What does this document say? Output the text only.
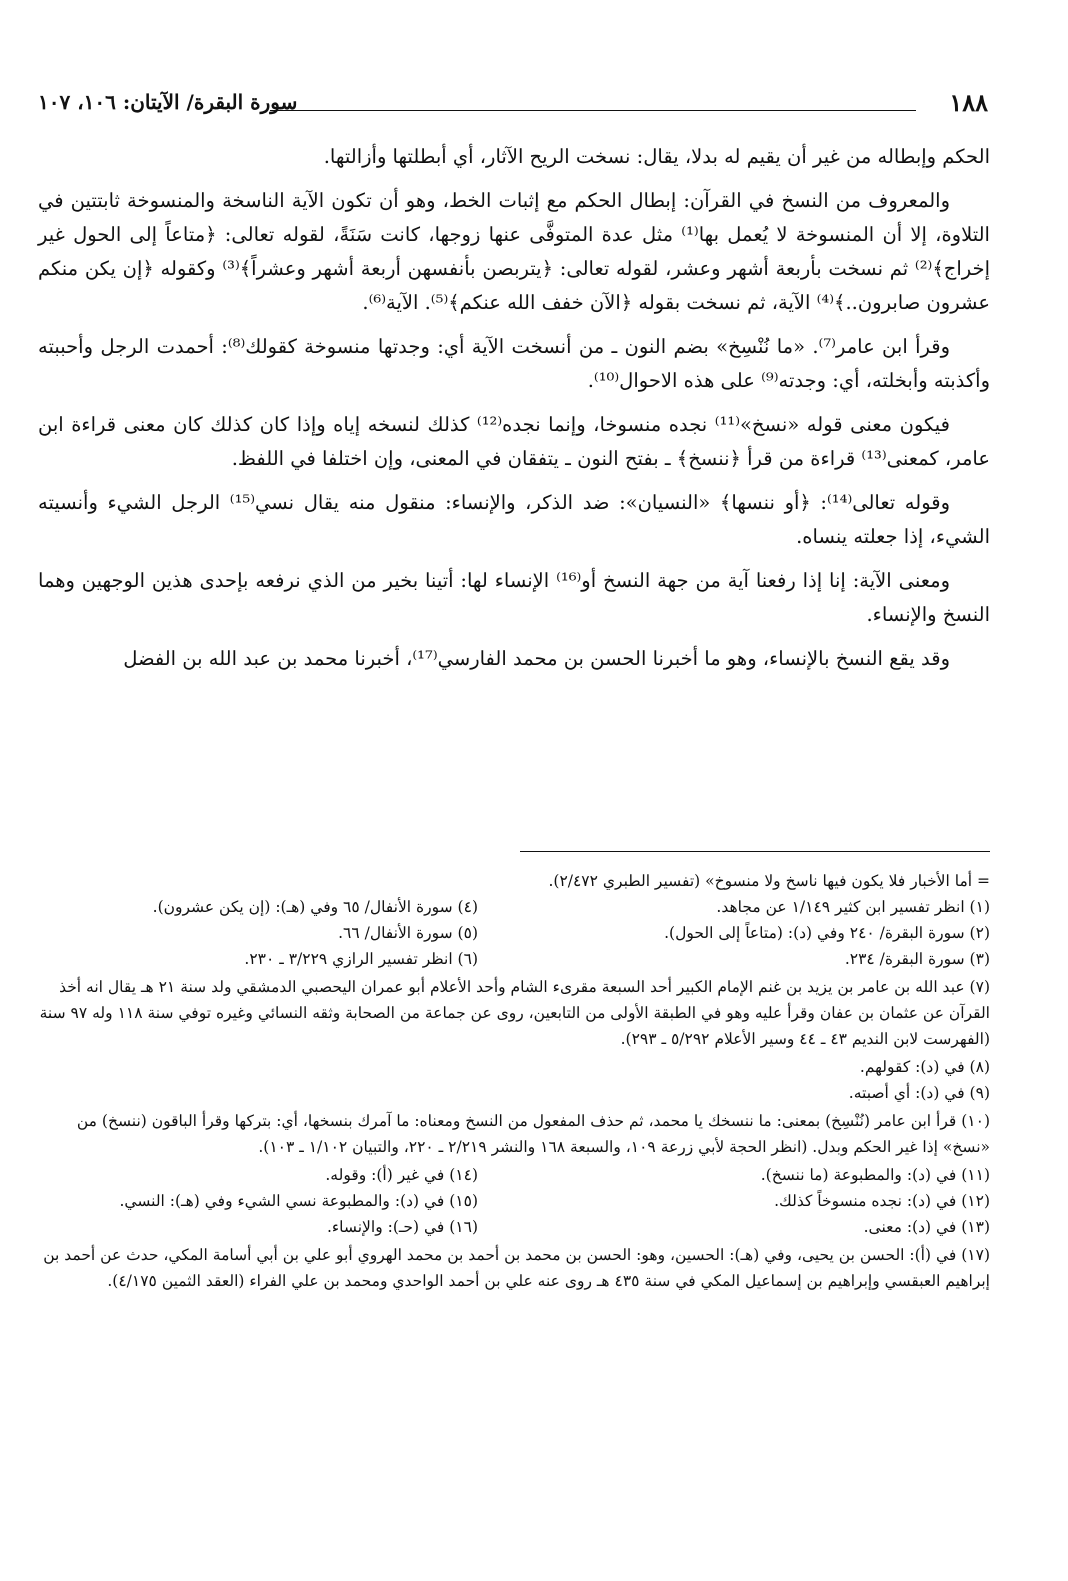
١٨٨
سورة البقرة/ الآيتان: ١٠٦، ١٠٧

الحكم وإبطاله من غير أن يقيم له بدلا، يقال: نسخت الريح الآثار، أي أبطلتها وأزالتها.

والمعروف من النسخ في القرآن: إبطال الحكم مع إثبات الخط، وهو أن تكون الآية الناسخة والمنسوخة ثابتتين في التلاوة، إلا أن المنسوخة لا يُعمل بها⁽¹⁾ مثل عدة المتوفَّى عنها زوجها، كانت سَنَةً، لقوله تعالى: ﴿متاعاً إلى الحول غير إخراج﴾⁽²⁾ ثم نسخت بأربعة أشهر وعشر، لقوله تعالى: ﴿يتربصن بأنفسهن أربعة أشهر وعشراً﴾⁽³⁾ وكقوله ﴿إن يكن منكم عشرون صابرون..﴾⁽⁴⁾ الآية، ثم نسخت بقوله ﴿الآن خفف الله عنكم﴾⁽⁵⁾. الآية⁽⁶⁾.

وقرأ ابن عامر⁽⁷⁾. «ما نُنْسِخ» بضم النون ـ من أنسخت الآية أي: وجدتها منسوخة كقولك⁽⁸⁾: أحمدت الرجل وأحببته وأكذبته وأبخلته، أي: وجدته⁽⁹⁾ على هذه الاحوال⁽¹⁰⁾.

فيكون معنى قوله «نسخ»⁽¹¹⁾ نجده منسوخا، وإنما نجده⁽¹²⁾ كذلك لنسخه إياه وإذا كان كذلك كان معنى قراءة ابن عامر، كمعنى⁽¹³⁾ قراءة من قرأ ﴿ننسخ﴾ ـ بفتح النون ـ يتفقان في المعنى، وإن اختلفا في اللفظ.

وقوله تعالى⁽¹⁴⁾: ﴿أو ننسها﴾ «النسيان»: ضد الذكر، والإنساء: منقول منه يقال نسي⁽¹⁵⁾ الرجل الشيء وأنسيته الشيء، إذا جعلته ينساه.

ومعنى الآية: إنا إذا رفعنا آية من جهة النسخ أو⁽¹⁶⁾ الإنساء لها: أتينا بخير من الذي نرفعه بإحدى هذين الوجهين وهما النسخ والإنساء.

وقد يقع النسخ بالإنساء، وهو ما أخبرنا الحسن بن محمد الفارسي⁽¹⁷⁾، أخبرنا محمد بن عبد الله بن الفضل

= أما الأخبار فلا يكون فيها ناسخ ولا منسوخ» (تفسير الطبري ٢/٤٧٢).
(١) انظر تفسير ابن كثير ١/١٤٩ عن مجاهد.
(٢) سورة البقرة/ ٢٤٠ وفي (د): (متاعاً إلى الحول).
(٣) سورة البقرة/ ٢٣٤.
(٤) سورة الأنفال/ ٦٥ وفي (هـ): (إن يكن عشرون).
(٥) سورة الأنفال/ ٦٦.
(٦) انظر تفسير الرازي ٣/٢٢٩ ـ ٢٣٠.
(٧) عبد الله بن عامر بن يزيد بن غنم الإمام الكبير أحد السبعة مقرىء الشام وأحد الأعلام أبو عمران اليحصبي الدمشقي ولد سنة ٢١ هـ يقال انه أخذ القرآن عن عثمان بن عفان وقرأ عليه وهو في الطبقة الأولى من التابعين، روى عن جماعة من الصحابة وثقه النسائي وغيره توفي سنة ١١٨ وله ٩٧ سنة (الفهرست لابن النديم ٤٣ ـ ٤٤ وسير الأعلام ٥/٢٩٢ ـ ٢٩٣).
(٨) في (د): كقولهم.
(٩) في (د): أي أصبته.
(١٠) قرأ ابن عامر (نُنْسِخ) بمعنى: ما ننسخك يا محمد، ثم حذف المفعول من النسخ ومعناه: ما آمرك بنسخها، أي: بتركها وقرأ الباقون (ننسخ) من «نسخ» إذا غير الحكم وبدل. (انظر الحجة لأبي زرعة ١٠٩، والسبعة ١٦٨ والنشر ٢/٢١٩ ـ ٢٢٠، والتبيان ١/١٠٢ ـ ١٠٣).
(١١) في (د): والمطبوعة (ما ننسخ).
(١٢) في (د): نجده منسوخاً كذلك.
(١٣) في (د): معنى.
(١٤) في غير (أ): وقوله.
(١٥) في (د): والمطبوعة نسي الشيء وفي (هـ): النسي.
(١٦) في (حـ): والإنساء.
(١٧) في (أ): الحسن بن يحيى، وفي (هـ): الحسين، وهو: الحسن بن محمد بن أحمد بن محمد الهروي أبو علي بن أبي أسامة المكي، حدث عن أحمد بن إبراهيم العبقسي وإبراهيم بن إسماعيل المكي في سنة ٤٣٥ هـ روى عنه علي بن أحمد الواحدي ومحمد بن علي الفراء (العقد الثمين ٤/١٧٥).
